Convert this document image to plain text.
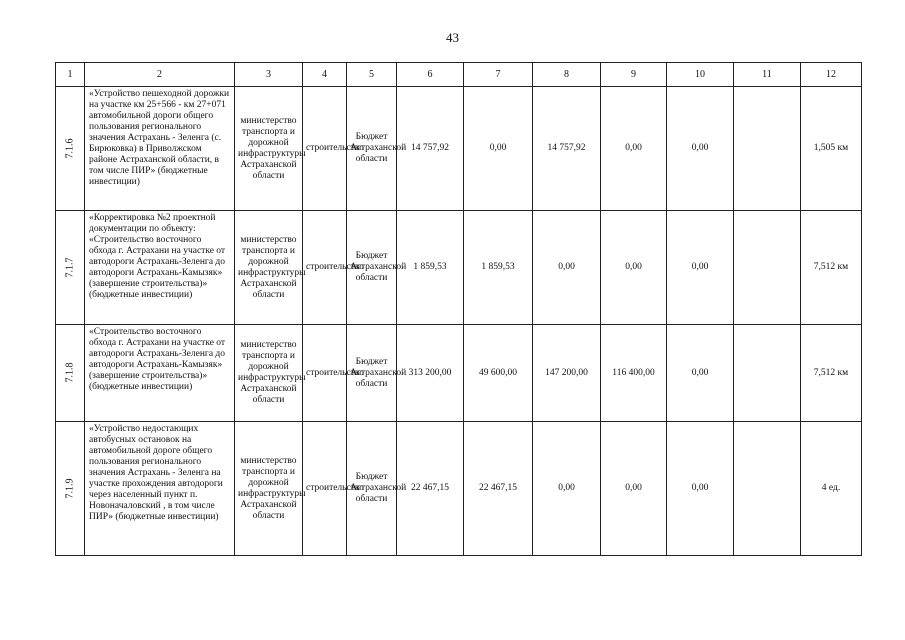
43
1	2	3	4	5	6	7	8	9	10	11	12
7.1.6	«Устройство пешеходной дорожки на участке км 25+566 - км 27+071 автомобильной дороги общего пользования регионального значения Астрахань - Зеленга (с. Бирюковка) в Приволжском районе Астраханской области, в том числе ПИР» (бюджетные инвестиции)	министерство транспорта и дорожной инфраструктуры Астраханской области	строительство	Бюджет Астраханской области	14 757,92	0,00	14 757,92	0,00	0,00		1,505 км
7.1.7	«Корректировка №2 проектной документации по объекту: «Строительство восточного обхода г. Астрахани на участке от автодороги Астрахань-Зеленга до автодороги Астрахань-Камызяк» (завершение строительства)» (бюджетные инвестиции)	министерство транспорта и дорожной инфраструктуры Астраханской области	строительство	Бюджет Астраханской области	1 859,53	1 859,53	0,00	0,00	0,00		7,512 км
7.1.8	«Строительство восточного обхода г. Астрахани на участке от автодороги Астрахань-Зеленга до автодороги Астрахань-Камызяк» (завершение строительства)» (бюджетные инвестиции)	министерство транспорта и дорожной инфраструктуры Астраханской области	строительство	Бюджет Астраханской области	313 200,00	49 600,00	147 200,00	116 400,00	0,00		7,512 км
7.1.9	«Устройство недостающих автобусных остановок на автомобильной дороге общего пользования регионального значения Астрахань - Зеленга на участке прохождения автодороги через населенный пункт п. Новоначаловский , в том числе ПИР» (бюджетные инвестиции)	министерство транспорта и дорожной инфраструктуры Астраханской области	строительство	Бюджет Астраханской области	22 467,15	22 467,15	0,00	0,00	0,00		4 ед.
